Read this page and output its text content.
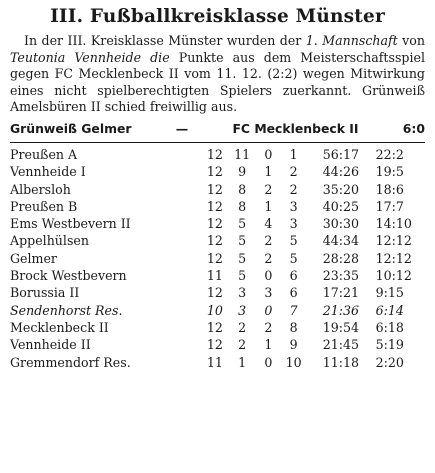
III. Fußballkreisklasse Münster

In der III. Kreisklasse Münster wurden der 1. Mannschaft von Teutonia Vennheide die Punkte aus dem Meisterschaftsspiel gegen FC Mecklenbeck II vom 11. 12. (2:2) wegen Mitwirkung eines nicht spielberechtigten Spielers zuerkannt. Grünweiß Amelsbüren II schied freiwillig aus.

Grünweiß Gelmer	—	FC Mecklenbeck II	6:0
Preußen A	12	11	0	1	56:17	22:2
Vennheide I	12	9	1	2	44:26	19:5
Albersloh	12	8	2	2	35:20	18:6
Preußen B	12	8	1	3	40:25	17:7
Ems Westbevern II	12	5	4	3	30:30	14:10
Appelhülsen	12	5	2	5	44:34	12:12
Gelmer	12	5	2	5	28:28	12:12
Brock Westbevern	11	5	0	6	23:35	10:12
Borussia II	12	3	3	6	17:21	9:15
Sendenhorst Res.	10	3	0	7	21:36	6:14
Mecklenbeck II	12	2	2	8	19:54	6:18
Vennheide II	12	2	1	9	21:45	5:19
Gremmendorf Res.	11	1	0	10	11:18	2:20
